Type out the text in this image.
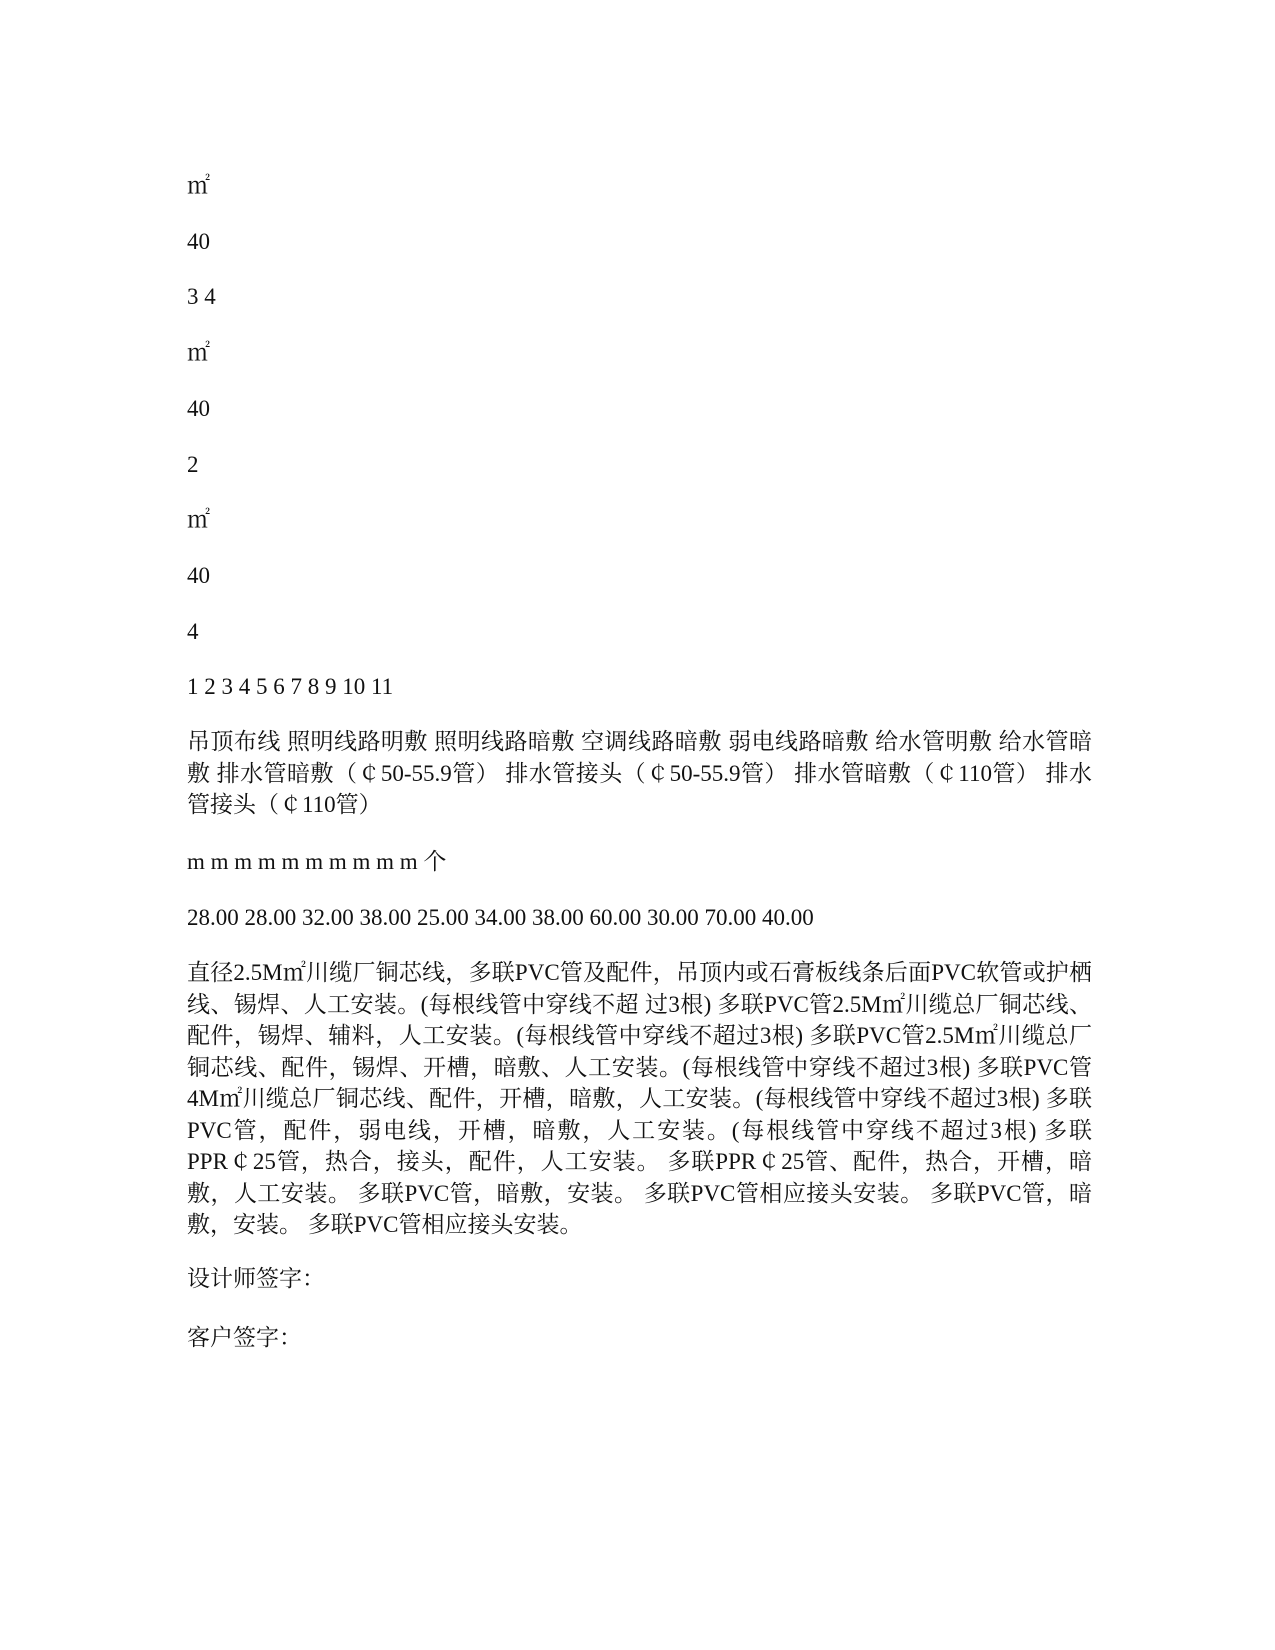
㎡

40

3 4

㎡

40

2

㎡

40

4

1 2 3 4 5 6 7 8 9 10 11

吊顶布线 照明线路明敷 照明线路暗敷 空调线路暗敷 弱电线路暗敷 给水管明敷 给水管暗敷 排水管暗敷（￠50-55.9管） 排水管接头（￠50-55.9管） 排水管暗敷（￠110管） 排水管接头（￠110管）

m m m m m m m m m m 个

28.00 28.00 32.00 38.00 25.00 34.00 38.00 60.00 30.00 70.00 40.00

直径2.5M㎡川缆厂铜芯线，多联PVC管及配件，吊顶内或石膏板线条后面PVC软管或护栖线、锡焊、人工安装。(每根线管中穿线不超 过3根) 多联PVC管2.5M㎡川缆总厂铜芯线、配件，锡焊、辅料，人工安装。(每根线管中穿线不超过3根) 多联PVC管2.5M㎡川缆总厂铜芯线、配件，锡焊、开槽，暗敷、人工安装。(每根线管中穿线不超过3根) 多联PVC管4M㎡川缆总厂铜芯线、配件，开槽，暗敷，人工安装。(每根线管中穿线不超过3根) 多联PVC管，配件，弱电线，开槽，暗敷，人工安装。(每根线管中穿线不超过3根) 多联PPR￠25管，热合，接头，配件，人工安装。 多联PPR￠25管、配件，热合，开槽，暗敷，人工安装。 多联PVC管，暗敷，安装。 多联PVC管相应接头安装。 多联PVC管，暗敷，安装。 多联PVC管相应接头安装。

设计师签字：

客户签字：
